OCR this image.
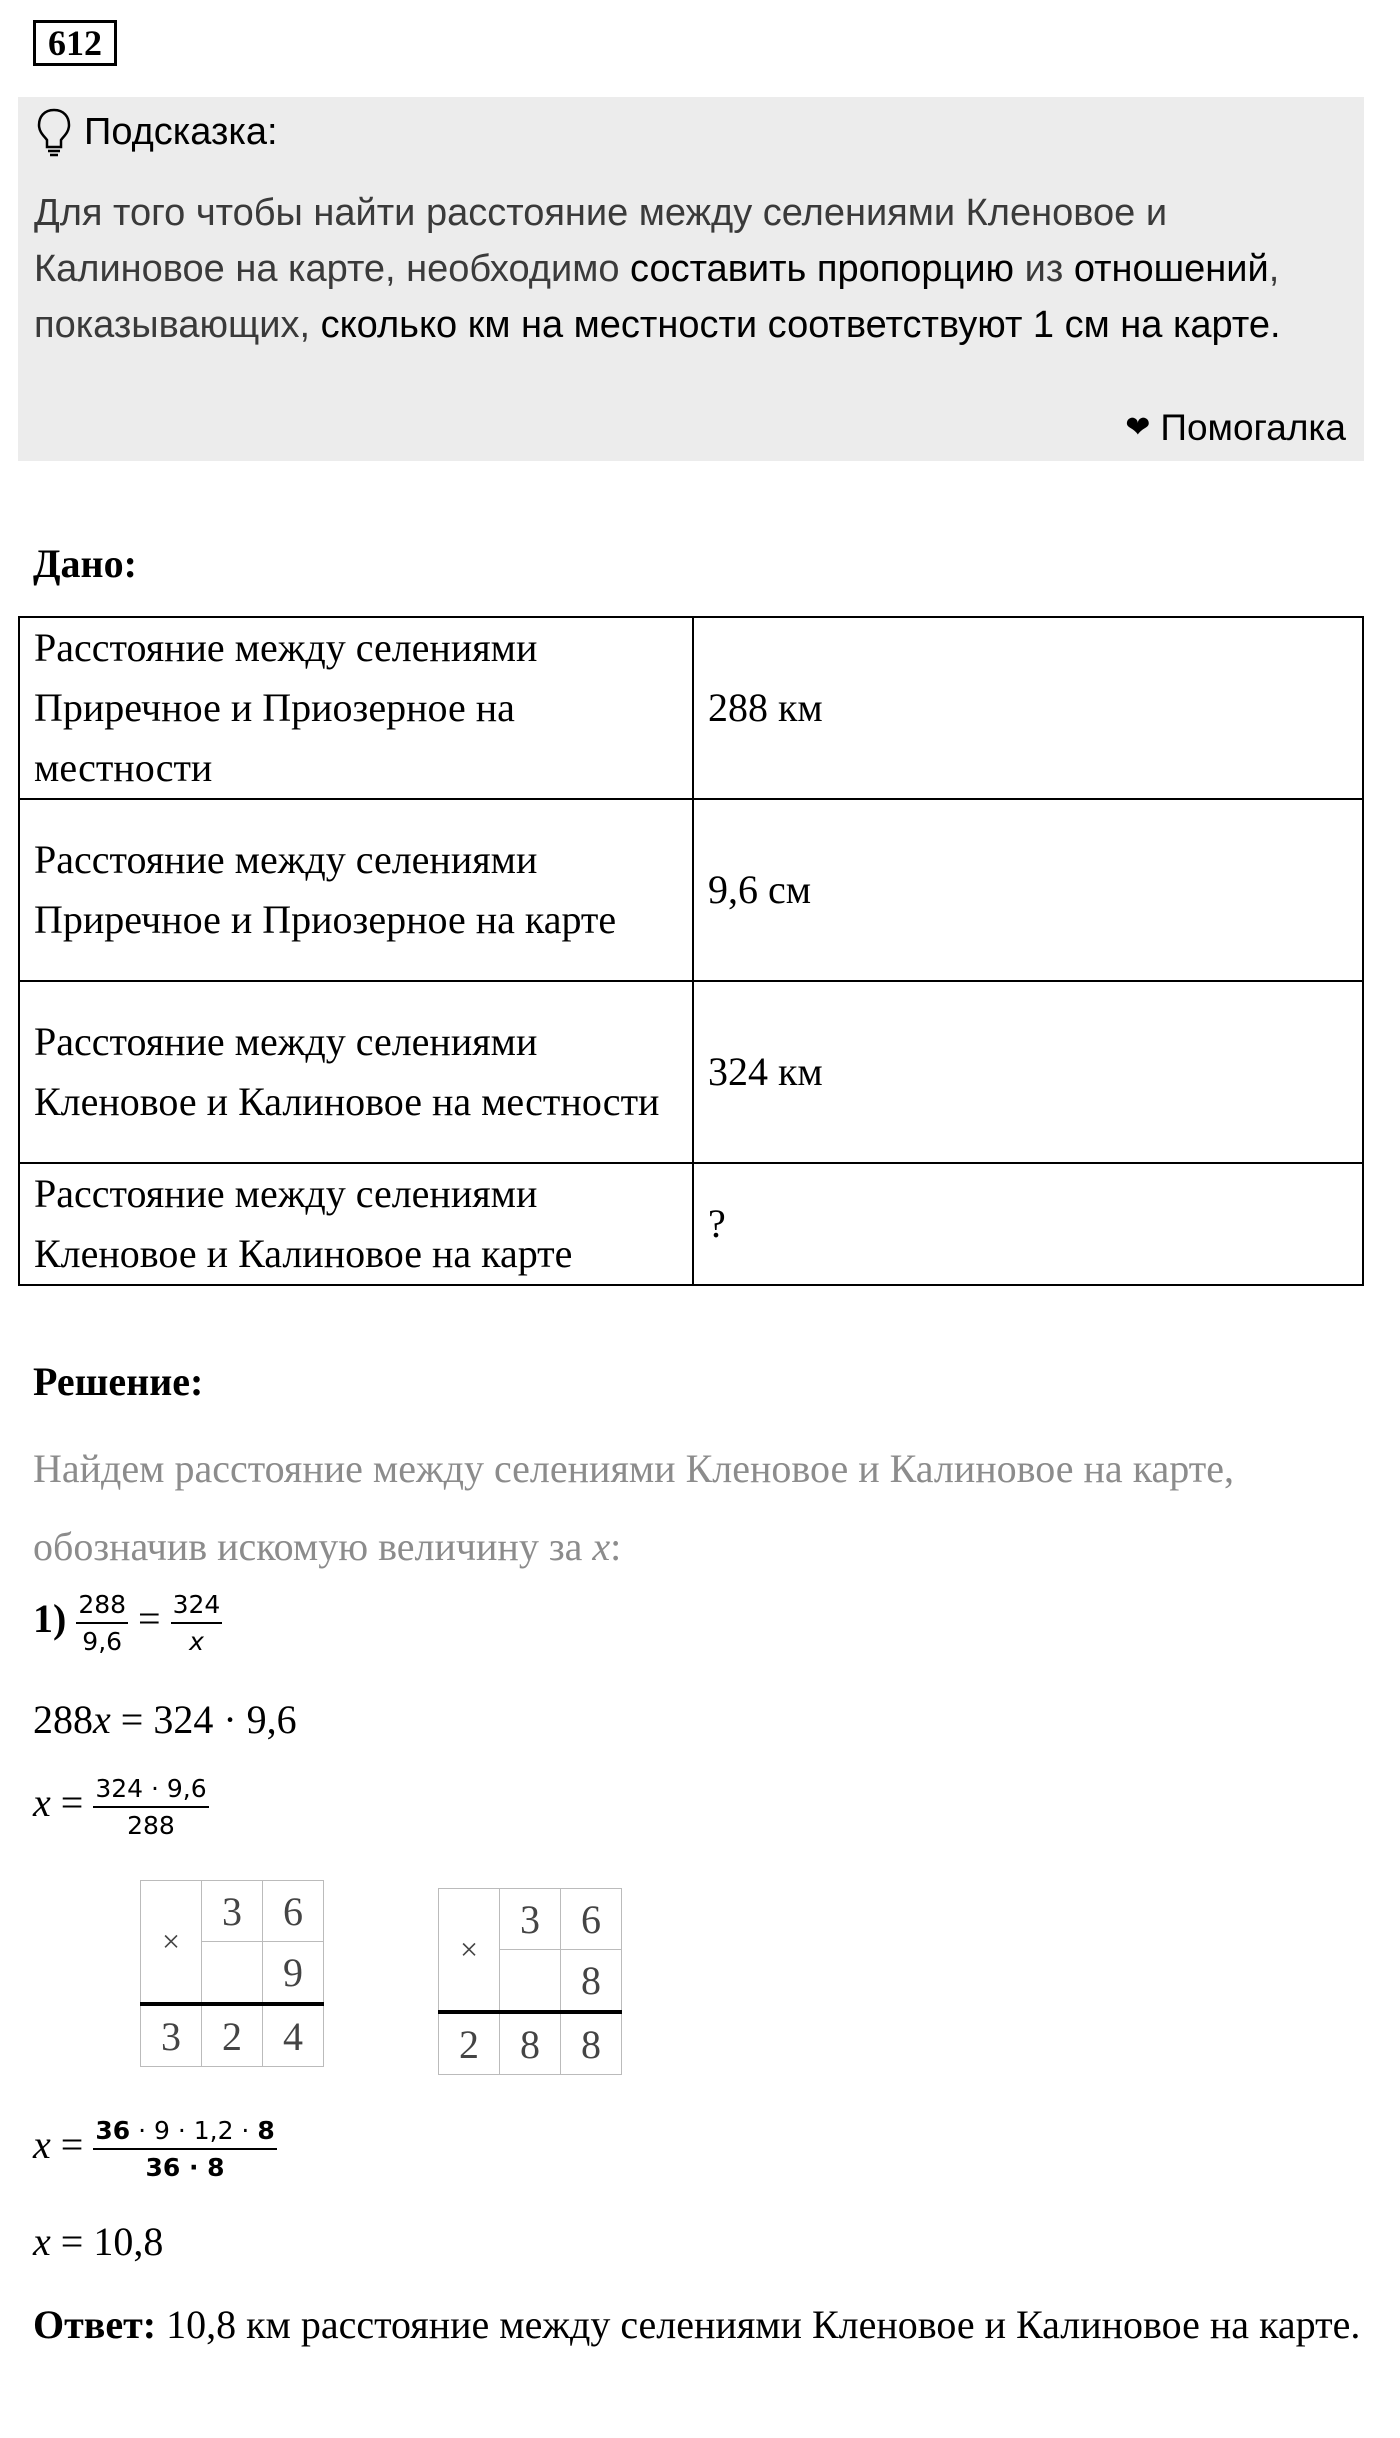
612
Подсказка:
Для того чтобы найти расстояние между селениями Кленовое и Калиновое на карте, необходимо составить пропорцию из отношений, показывающих, сколько км на местности соответствуют 1 см на карте.
❤ Помогалка
Дано:
Расстояние между селениями Приречное и Приозерное на местности	288 км
Расстояние между селениями Приречное и Приозерное на карте	9,6 см
Расстояние между селениями Кленовое и Калиновое на местности	324 км
Расстояние между селениями Кленовое и Калиновое на карте	?
Решение:
Найдем расстояние между селениями Кленовое и Калиновое на карте, обозначив искомую величину за x:
$1) \frac{288}{9,6} = \frac{324}{x}$
288x = 324 · 9,6
$x = \frac{324 \cdot 9,6}{288}$
×	3	6
		9
3	2	4
×	3	6
		8
2	8	8
$x = \frac{36 \cdot 9 \cdot 1,2 \cdot 8}{36 \cdot 8}$
x = 10,8
Ответ: 10,8 км расстояние между селениями Кленовое и Калиновое на карте.
